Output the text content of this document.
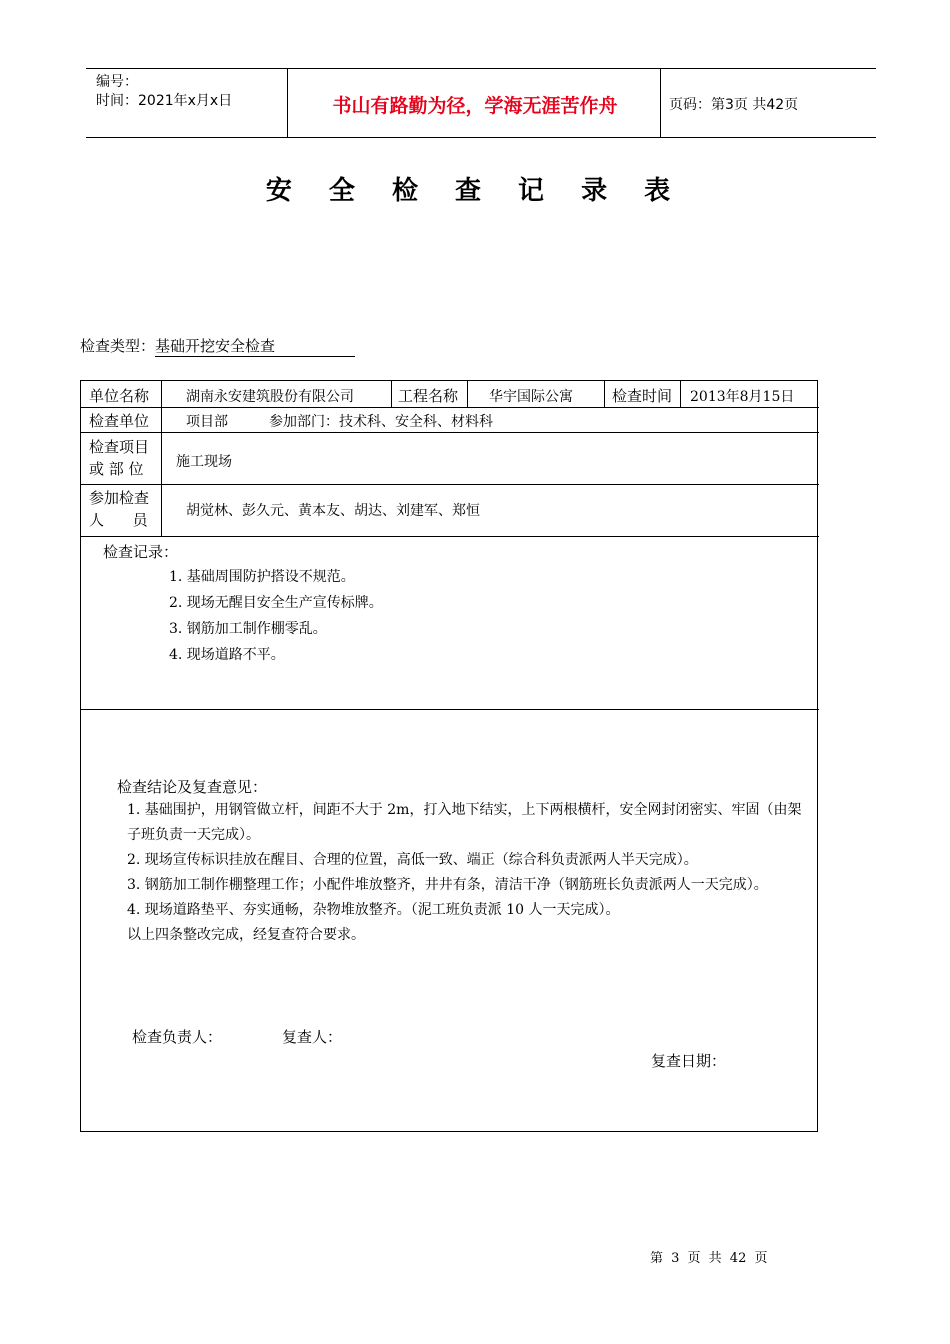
编号：
时间：2021年x月x日	书山有路勤为径，学海无涯苦作舟	页码：第3页 共42页
安 全 检 查 记 录 表
检查类型：基础开挖安全检查
单位名称	湖南永安建筑股份有限公司	工程名称 华宇国际公寓	检查时间 2013年8月15日
检查单位	项目部	参加部门：技术科、安全科、材料科
检查项目
或 部 位	施工现场
参加检查
人      员	胡觉林、彭久元、黄本友、胡达、刘建军、郑恒
检查记录：
1. 基础周围防护搭设不规范。
2. 现场无醒目安全生产宣传标牌。
3. 钢筋加工制作棚零乱。
4. 现场道路不平。
检查结论及复查意见：
1. 基础围护，用钢管做立杆，间距不大于 2m，打入地下结实，上下两根横杆，安全网封闭密实、牢固（由架子班负责一天完成）。
2. 现场宣传标识挂放在醒目、合理的位置，高低一致、端正（综合科负责派两人半天完成）。
3. 钢筋加工制作棚整理工作；小配件堆放整齐，井井有条，清洁干净（钢筋班长负责派两人一天完成）。
4. 现场道路垫平、夯实通畅，杂物堆放整齐。（泥工班负责派 10 人一天完成）。
以上四条整改完成，经复查符合要求。
检查负责人：	复查人：
复查日期：
第 3 页 共 42 页
